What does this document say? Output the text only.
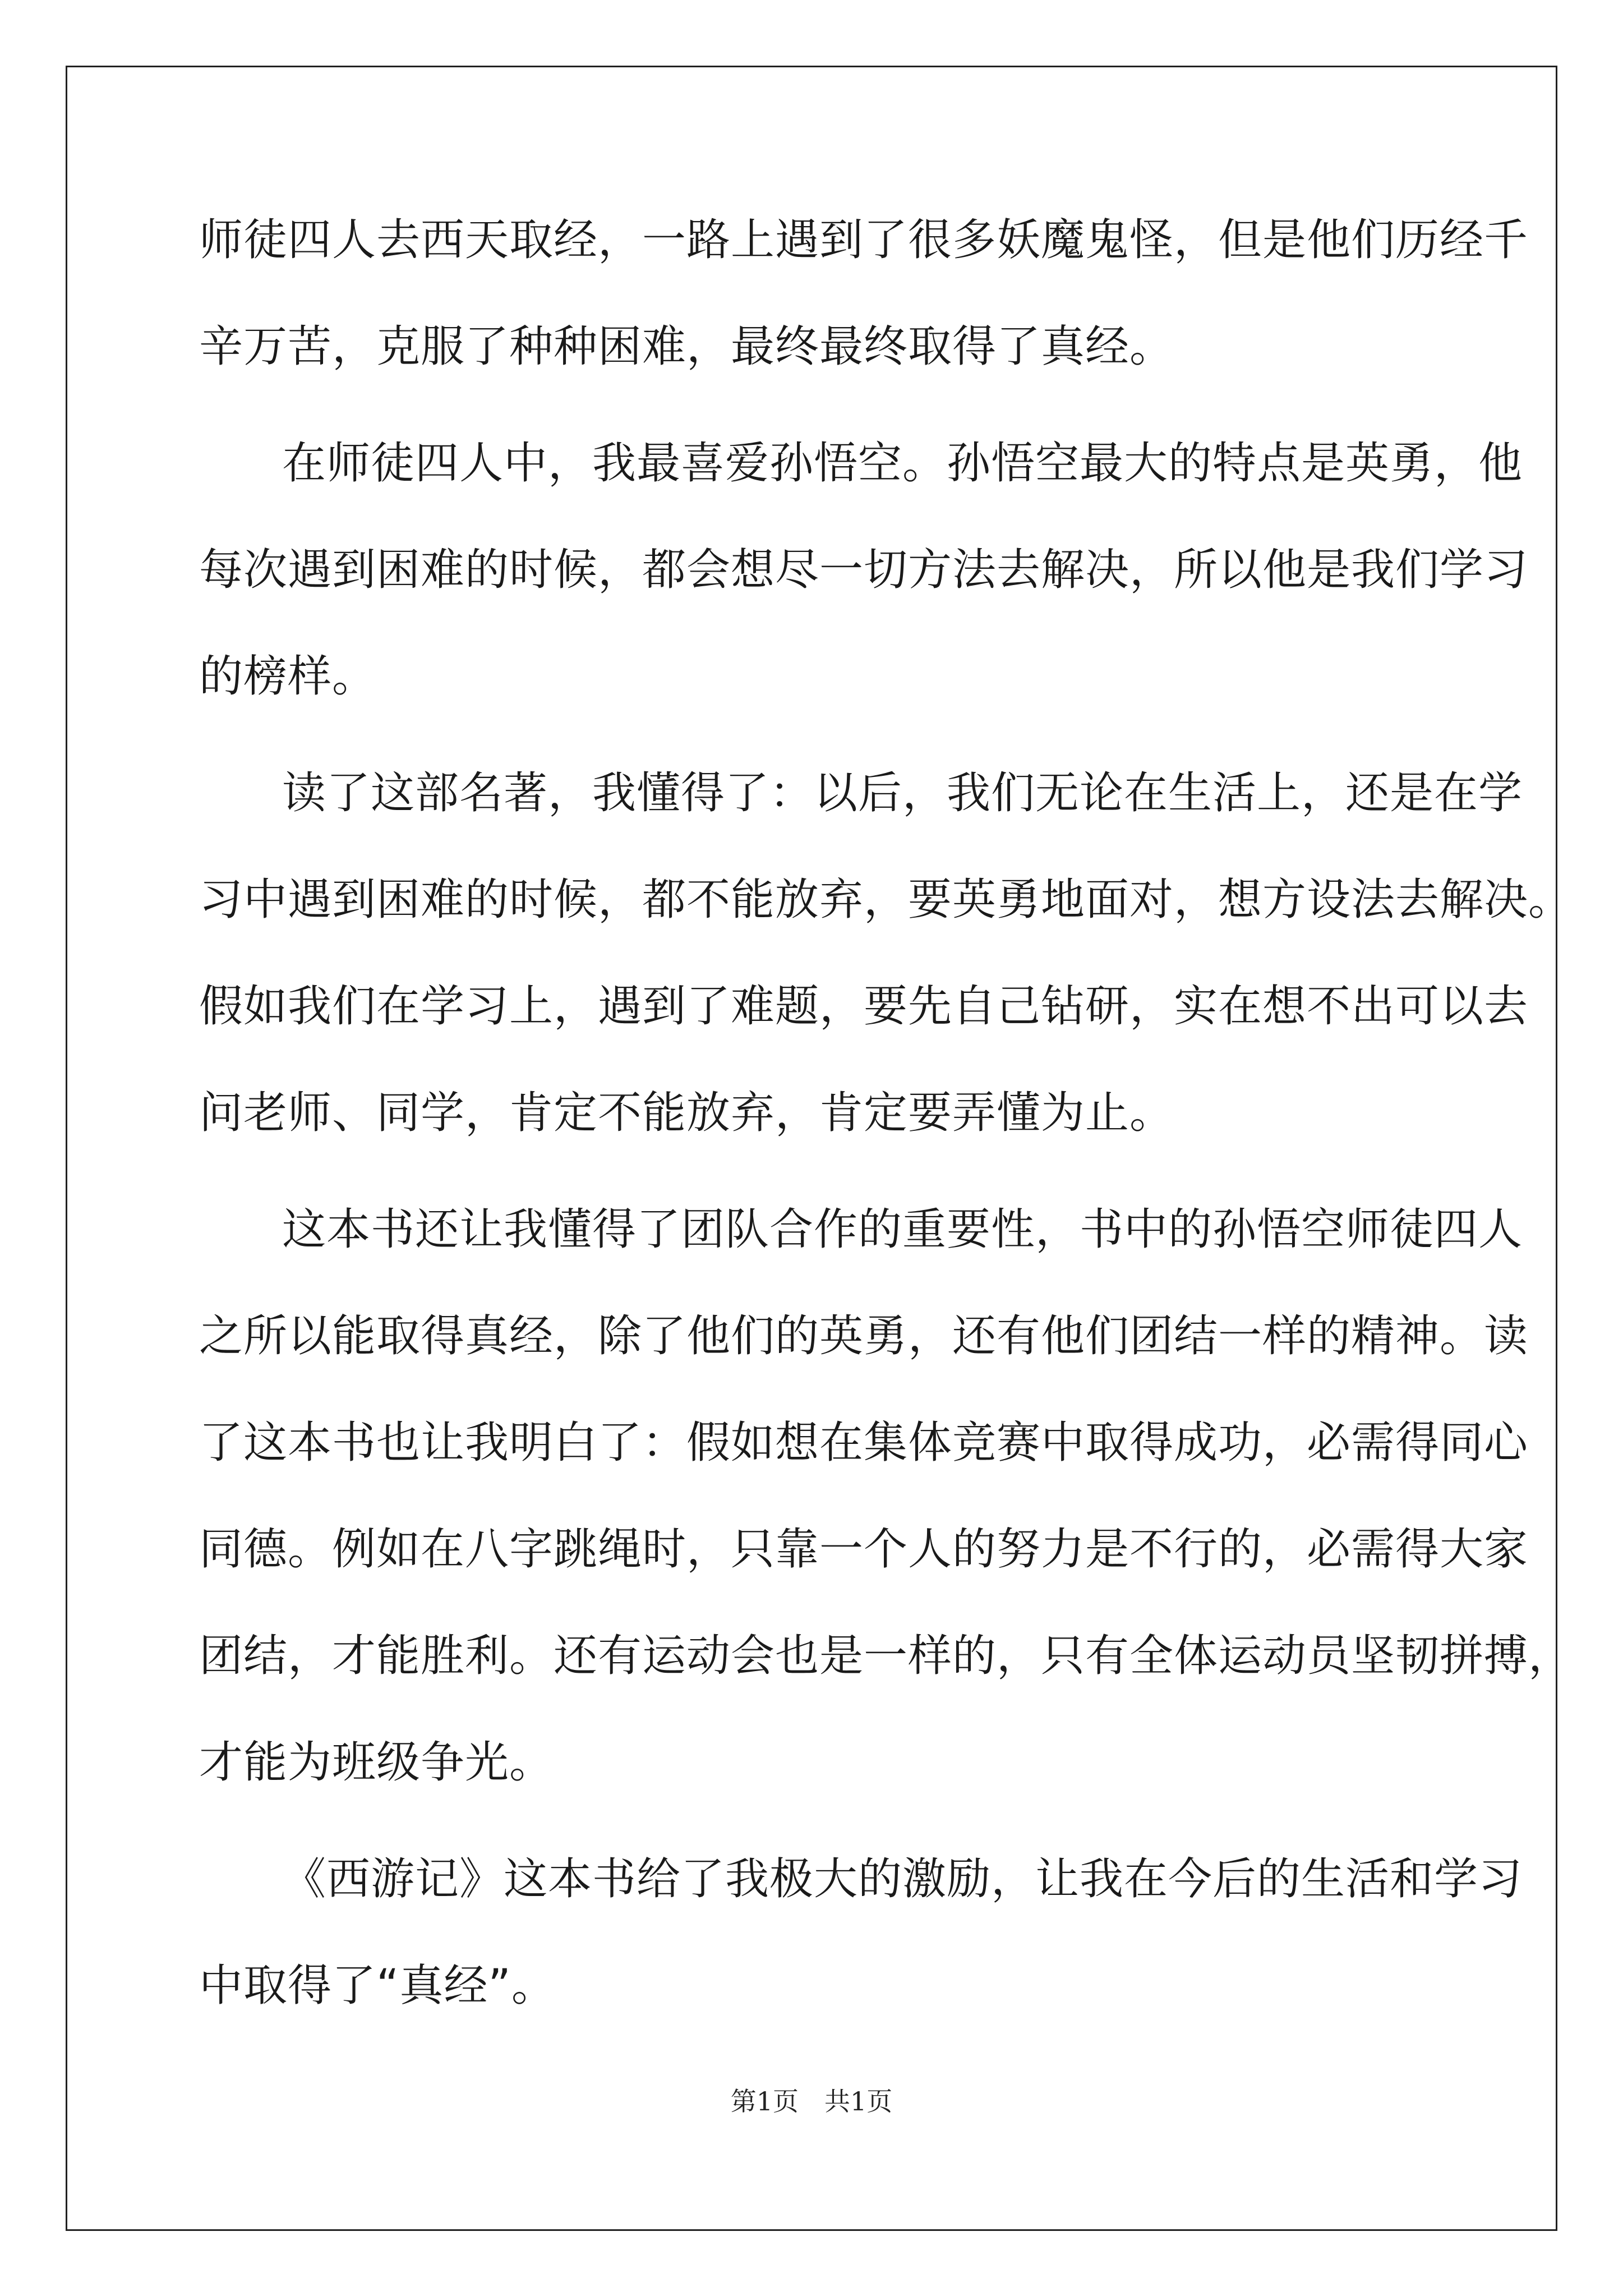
师徒四人去西天取经，一路上遇到了很多妖魔鬼怪，但是他们历经千
辛万苦，克服了种种困难，最终最终取得了真经。
在师徒四人中，我最喜爱孙悟空。孙悟空最大的特点是英勇，他
每次遇到困难的时候，都会想尽一切方法去解决，所以他是我们学习
的榜样。
读了这部名著，我懂得了：以后，我们无论在生活上，还是在学
习中遇到困难的时候，都不能放弃，要英勇地面对，想方设法去解决。
假如我们在学习上，遇到了难题，要先自己钻研，实在想不出可以去
问老师、同学，肯定不能放弃，肯定要弄懂为止。
这本书还让我懂得了团队合作的重要性，书中的孙悟空师徒四人
之所以能取得真经，除了他们的英勇，还有他们团结一样的精神。读
了这本书也让我明白了：假如想在集体竞赛中取得成功，必需得同心
同德。例如在八字跳绳时，只靠一个人的努力是不行的，必需得大家
团结，才能胜利。还有运动会也是一样的，只有全体运动员坚韧拼搏，
才能为班级争光。
《西游记》这本书给了我极大的激励，让我在今后的生活和学习
中取得了“真经”。
第1页 共1页
